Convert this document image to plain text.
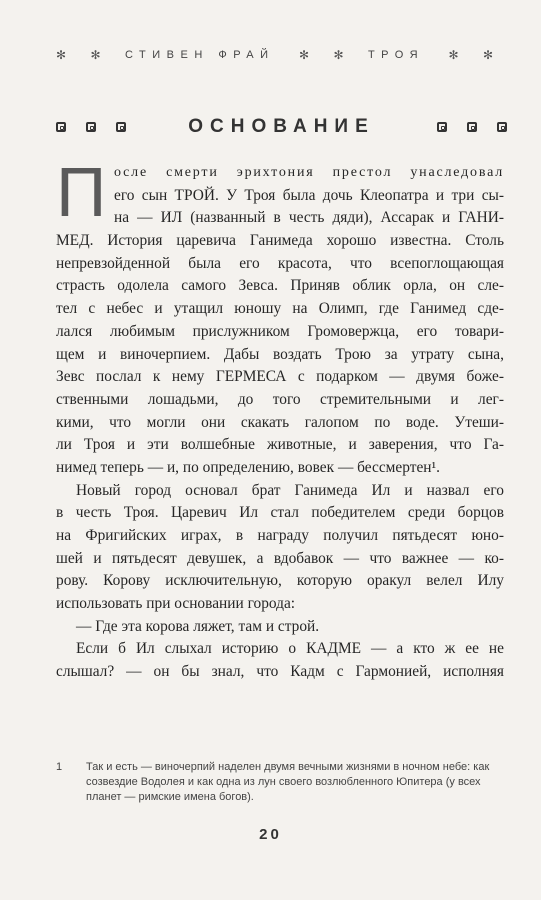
✻ ✻ СТИВЕН ФРАЙ ✻ ✻ ТРОЯ ✻ ✻
ОСНОВАНИЕ
П осле смерти эрихтония престол унаследовал
его сын ТРОЙ. У Троя была дочь Клеопатра и три сы-
на — ИЛ (названный в честь дяди), Ассарак и ГАНИ-
МЕД. История царевича Ганимеда хорошо известна. Столь
непревзойденной была его красота, что всепоглощающая
страсть одолела самого Зевса. Приняв облик орла, он сле-
тел с небес и утащил юношу на Олимп, где Ганимед сде-
лался любимым прислужником Громовержца, его товари-
щем и виночерпием. Дабы воздать Трою за утрату сына,
Зевс послал к нему ГЕРМЕСА с подарком — двумя боже-
ственными лошадьми, до того стремительными и лег-
кими, что могли они скакать галопом по воде. Утеши-
ли Троя и эти волшебные животные, и заверения, что Га-
нимед теперь — и, по определению, вовек — бессмертен¹.
Новый город основал брат Ганимеда Ил и назвал его
в честь Троя. Царевич Ил стал победителем среди борцов
на Фригийских играх, в награду получил пятьдесят юно-
шей и пятьдесят девушек, а вдобавок — что важнее — ко-
рову. Корову исключительную, которую оракул велел Илу
использовать при основании города:
— Где эта корова ляжет, там и строй.
Если б Ил слыхал историю о КАДМЕ — а кто ж ее не
слышал? — он бы знал, что Кадм с Гармонией, исполняя
1	Так и есть — виночерпий наделен двумя вечными жизнями в ночном небе: как созвездие Водолея и как одна из лун своего возлюбленного Юпитера (у всех планет — римские имена богов).
20
